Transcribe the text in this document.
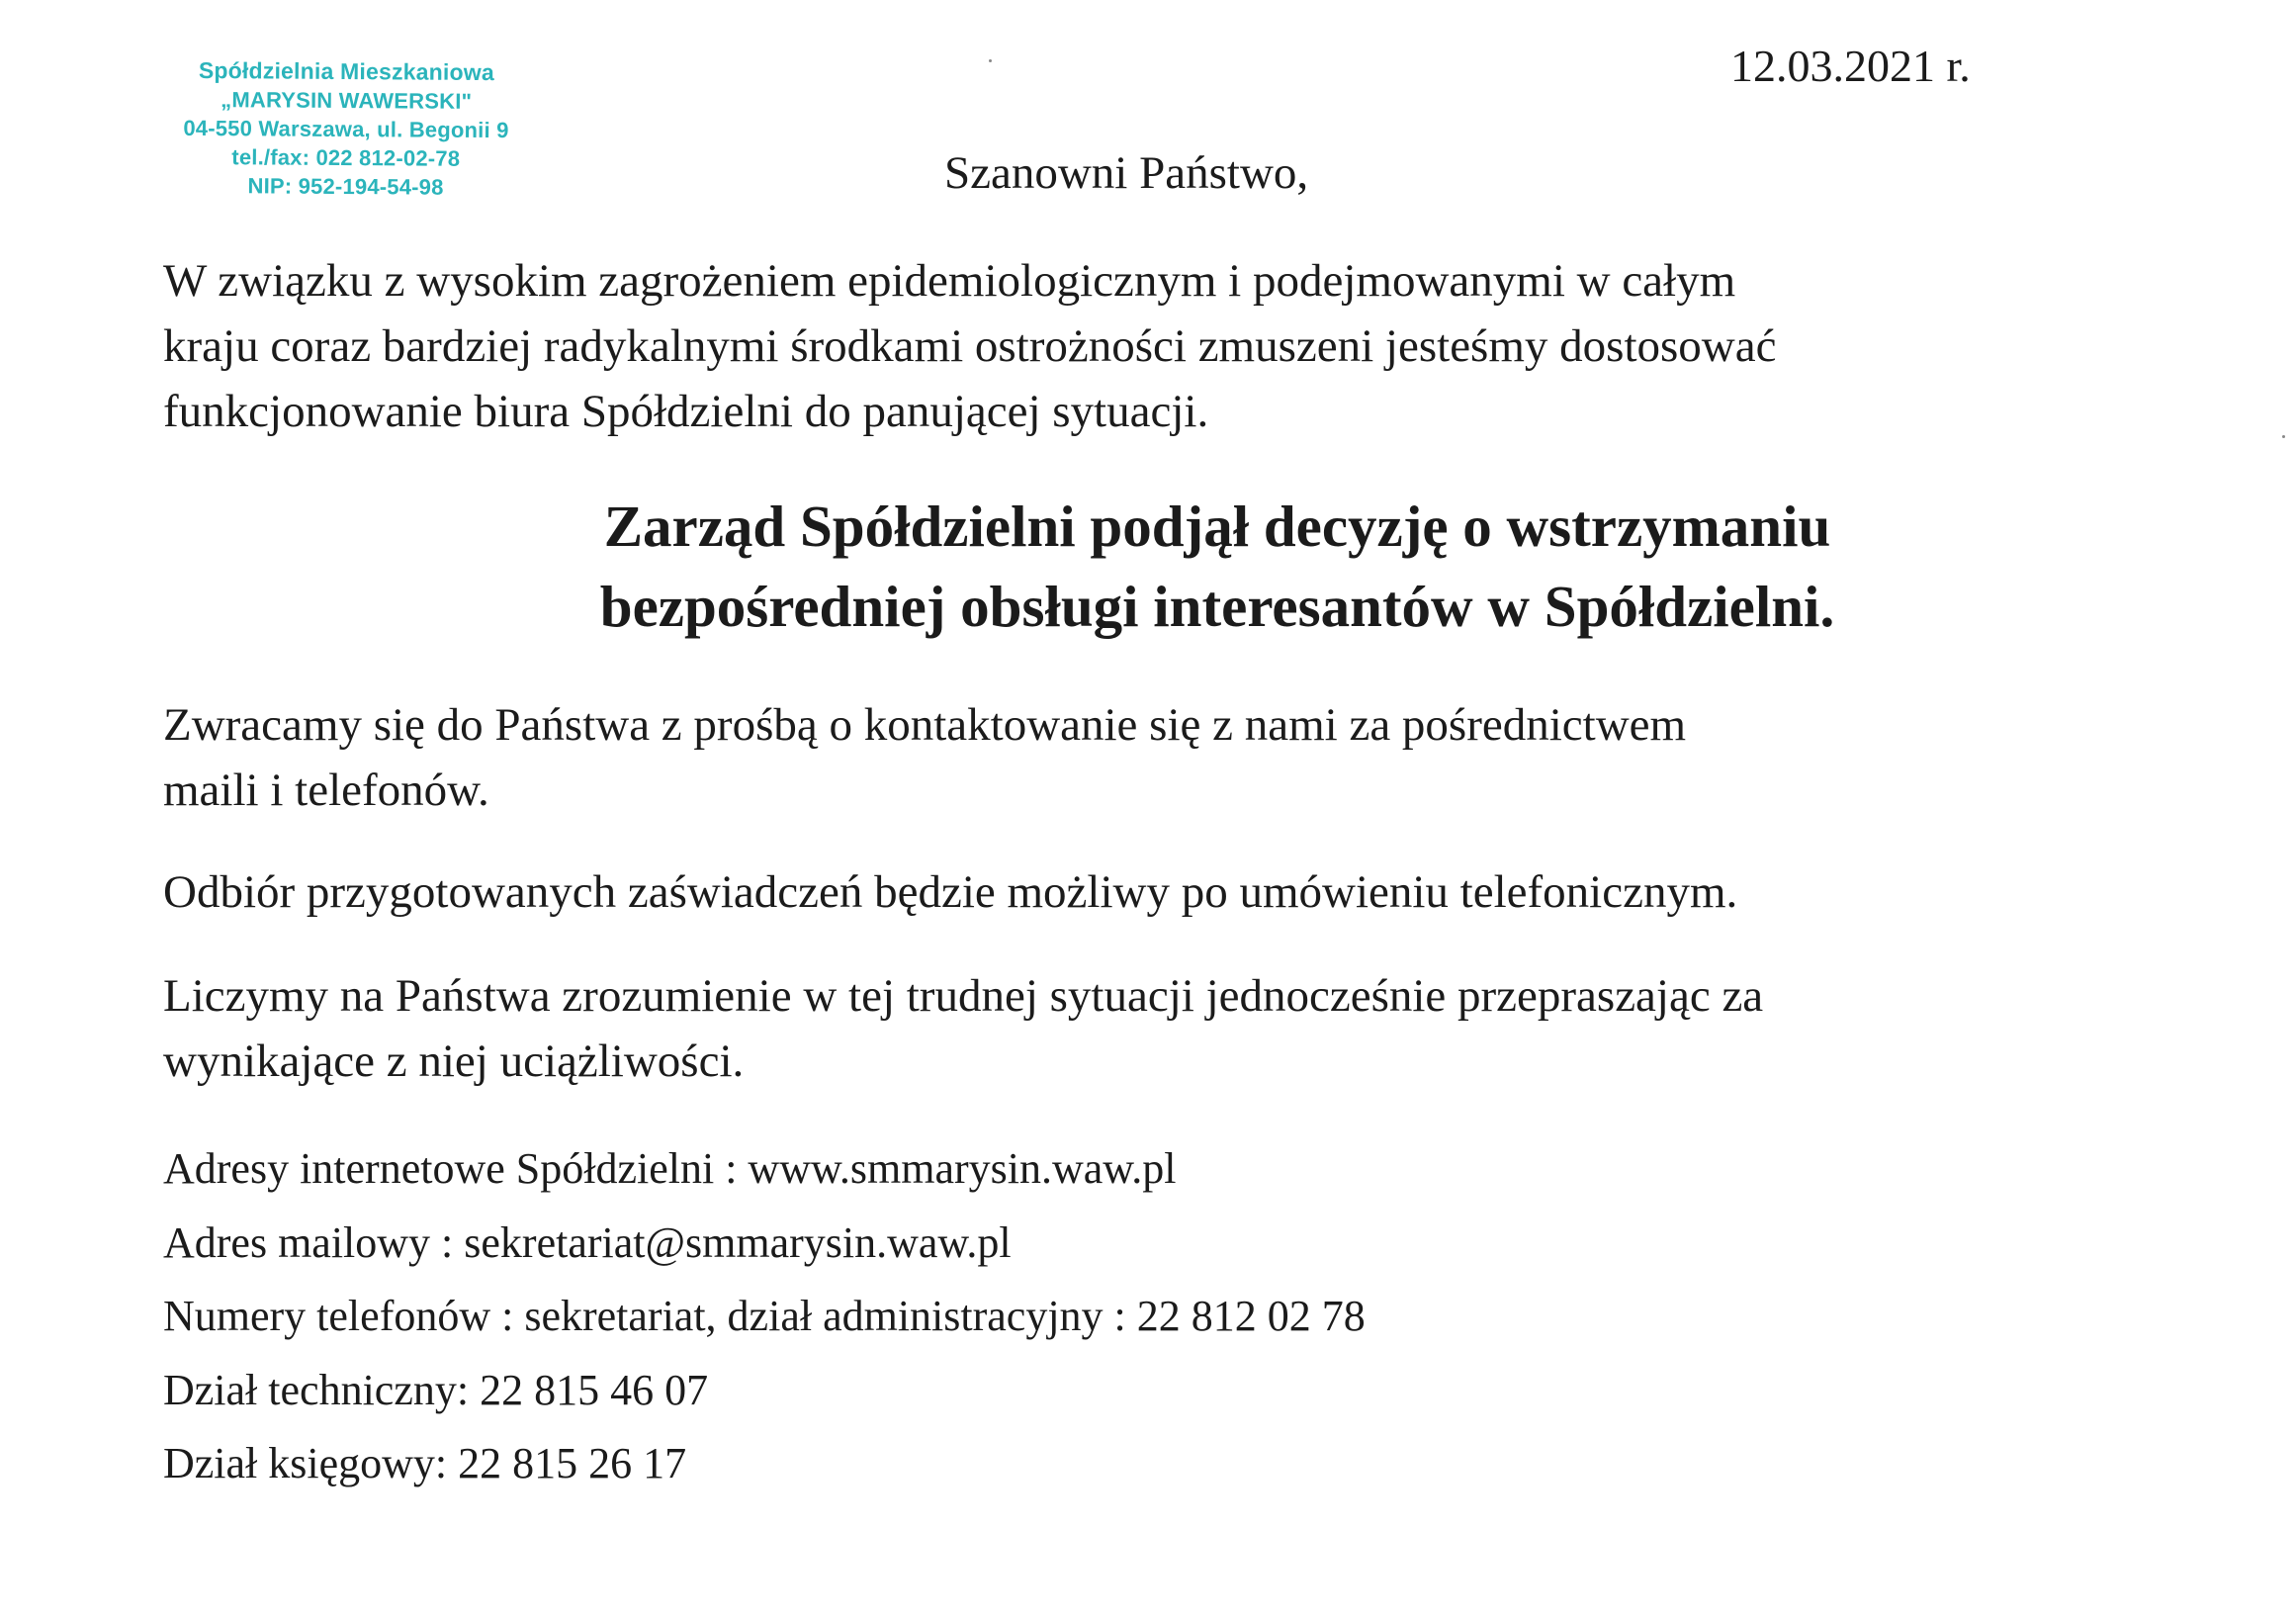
Spółdzielnia Mieszkaniowa
„MARYSIN WAWERSKI"
04-550 Warszawa, ul. Begonii 9
tel./fax: 022 812-02-78
NIP: 952-194-54-98
12.03.2021 r.
Szanowni Państwo,
W związku z wysokim zagrożeniem epidemiologicznym i podejmowanymi w całym
kraju coraz bardziej radykalnymi środkami ostrożności zmuszeni jesteśmy dostosować
funkcjonowanie biura Spółdzielni do panującej sytuacji.
Zarząd Spółdzielni podjął decyzję o wstrzymaniu
bezpośredniej obsługi interesantów w Spółdzielni.
Zwracamy się do Państwa z prośbą o kontaktowanie się z nami za pośrednictwem
maili i telefonów.
Odbiór przygotowanych zaświadczeń będzie możliwy po umówieniu telefonicznym.
Liczymy na Państwa zrozumienie w tej trudnej sytuacji jednocześnie przepraszając za
wynikające z niej uciążliwości.
Adresy internetowe Spółdzielni : www.smmarysin.waw.pl
Adres mailowy : sekretariat@smmarysin.waw.pl
Numery telefonów : sekretariat, dział administracyjny : 22 812 02 78
Dział techniczny: 22 815 46 07
Dział księgowy: 22 815 26 17
